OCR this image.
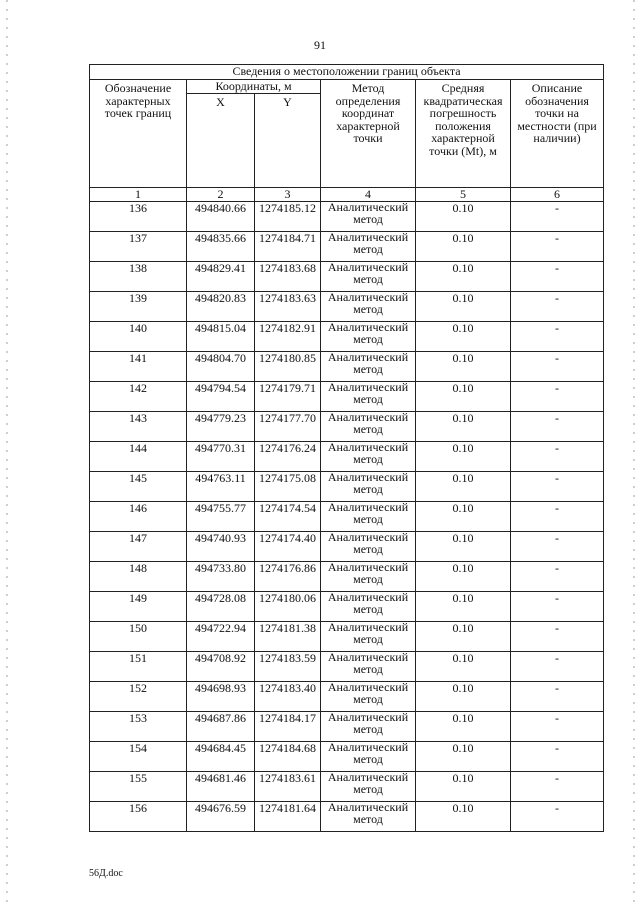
91
Сведения о местоположении границ объекта					
Обозначение характерных точек границ	Координаты, м		Метод определения координат характерной точки	Средняя квадратическая погрешность положения характерной точки (Mt), м	Описание обозначения точки на местности (при наличии)
	X	Y			
1	2	3	4	5	6
136	494840.66	1274185.12	Аналитический метод	0.10	-
137	494835.66	1274184.71	Аналитический метод	0.10	-
138	494829.41	1274183.68	Аналитический метод	0.10	-
139	494820.83	1274183.63	Аналитический метод	0.10	-
140	494815.04	1274182.91	Аналитический метод	0.10	-
141	494804.70	1274180.85	Аналитический метод	0.10	-
142	494794.54	1274179.71	Аналитический метод	0.10	-
143	494779.23	1274177.70	Аналитический метод	0.10	-
144	494770.31	1274176.24	Аналитический метод	0.10	-
145	494763.11	1274175.08	Аналитический метод	0.10	-
146	494755.77	1274174.54	Аналитический метод	0.10	-
147	494740.93	1274174.40	Аналитический метод	0.10	-
148	494733.80	1274176.86	Аналитический метод	0.10	-
149	494728.08	1274180.06	Аналитический метод	0.10	-
150	494722.94	1274181.38	Аналитический метод	0.10	-
151	494708.92	1274183.59	Аналитический метод	0.10	-
152	494698.93	1274183.40	Аналитический метод	0.10	-
153	494687.86	1274184.17	Аналитический метод	0.10	-
154	494684.45	1274184.68	Аналитический метод	0.10	-
155	494681.46	1274183.61	Аналитический метод	0.10	-
156	494676.59	1274181.64	Аналитический метод	0.10	-
56Д.doc
